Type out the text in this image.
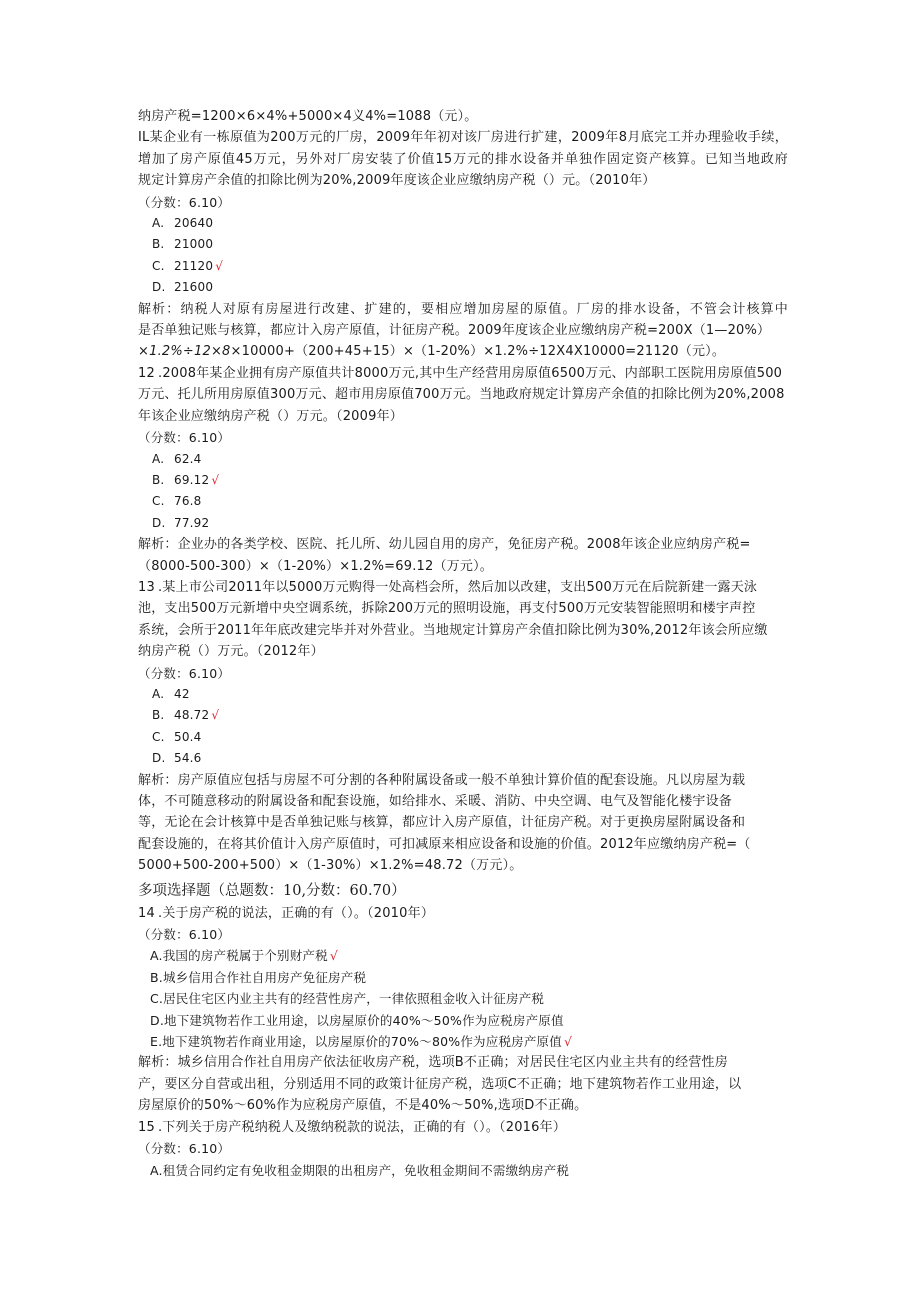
纳房产税=1200×6×4%+5000×4义4%=1088（元）。
IL某企业有一栋原值为200万元的厂房，2009年年初对该厂房进行扩建，2009年8月底完工并办理验收手续，
增加了房产原值45万元，另外对厂房安装了价值15万元的排水设备并单独作固定资产核算。已知当地政府
规定计算房产余值的扣除比例为20%,2009年度该企业应缴纳房产税（）元。（2010年）
（分数：6.10）
A. 20640
B. 21000
C. 21120 √
D. 21600
解析：纳税人对原有房屋进行改建、扩建的，要相应增加房屋的原值。厂房的排水设备，不管会计核算中
是否单独记账与核算，都应计入房产原值，计征房产税。2009年度该企业应缴纳房产税=200X（1—20%）
×1.2%÷12×8×10000+（200+45+15）×（1-20%）×1.2%÷12X4X10000=21120（元）。
12 .2008年某企业拥有房产原值共计8000万元,其中生产经营用房原值6500万元、内部职工医院用房原值500
万元、托儿所用房原值300万元、超市用房原值700万元。当地政府规定计算房产余值的扣除比例为20%,2008
年该企业应缴纳房产税（）万元。（2009年）
（分数：6.10）
A. 62.4
B. 69.12 √
C. 76.8
D. 77.92
解析：企业办的各类学校、医院、托儿所、幼儿园自用的房产，免征房产税。2008年该企业应纳房产税=
（8000-500-300）×（1-20%）×1.2%=69.12（万元）。
13 .某上市公司2011年以5000万元购得一处高档会所，然后加以改建，支出500万元在后院新建一露天泳
池，支出500万元新增中央空调系统，拆除200万元的照明设施，再支付500万元安装智能照明和楼宇声控
系统，会所于2011年年底改建完毕并对外营业。当地规定计算房产余值扣除比例为30%,2012年该会所应缴
纳房产税（）万元。（2012年）
（分数：6.10）
A. 42
B. 48.72 √
C. 50.4
D. 54.6
解析：房产原值应包括与房屋不可分割的各种附属设备或一般不单独计算价值的配套设施。凡以房屋为载
体，不可随意移动的附属设备和配套设施，如给排水、采暖、消防、中央空调、电气及智能化楼宇设备
等，无论在会计核算中是否单独记账与核算，都应计入房产原值，计征房产税。对于更换房屋附属设备和
配套设施的，在将其价值计入房产原值时，可扣减原来相应设备和设施的价值。2012年应缴纳房产税=（
5000+500-200+500）×（1-30%）×1.2%=48.72（万元）。
多项选择题（总题数：10,分数：60.70）
14 .关于房产税的说法，正确的有（）。（2010年）
（分数：6.10）
A.我国的房产税属于个别财产税 √
B.城乡信用合作社自用房产免征房产税
C.居民住宅区内业主共有的经营性房产，一律依照租金收入计征房产税
D.地下建筑物若作工业用途，以房屋原价的40%〜50%作为应税房产原值
E.地下建筑物若作商业用途，以房屋原价的70%〜80%作为应税房产原值 √
解析：城乡信用合作社自用房产依法征收房产税，选项B不正确；对居民住宅区内业主共有的经营性房
产，要区分自营或出租，分别适用不同的政策计征房产税，选项C不正确；地下建筑物若作工业用途，以
房屋原价的50%〜60%作为应税房产原值，不是40%〜50%,选项D不正确。
15 .下列关于房产税纳税人及缴纳税款的说法，正确的有（）。（2016年）
（分数：6.10）
A.租赁合同约定有免收租金期限的出租房产，免收租金期间不需缴纳房产税
